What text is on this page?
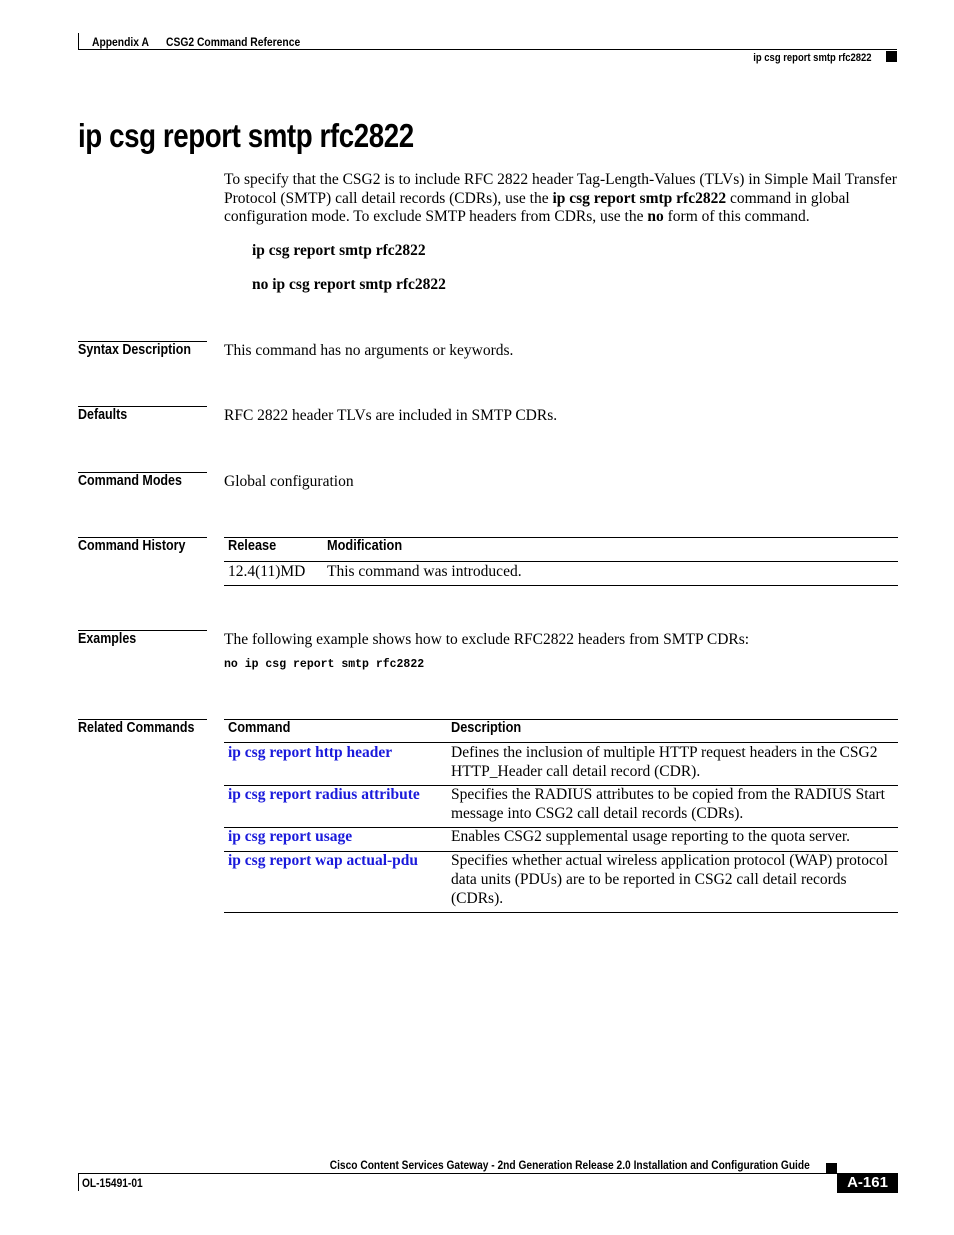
Appendix A CSG2 Command Reference
ip csg report smtp rfc2822
ip csg report smtp rfc2822
To specify that the CSG2 is to include RFC 2822 header Tag-Length-Values (TLVs) in Simple Mail Transfer Protocol (SMTP) call detail records (CDRs), use the ip csg report smtp rfc2822 command in global configuration mode. To exclude SMTP headers from CDRs, use the no form of this command.
ip csg report smtp rfc2822
no ip csg report smtp rfc2822
Syntax Description This command has no arguments or keywords.
Defaults	RFC 2822 header TLVs are included in SMTP CDRs.
Command Modes	Global configuration
Command History	Release	Modification
12.4(11)MD This command was introduced.
Examples	The following example shows how to exclude RFC2822 headers from SMTP CDRs:
no ip csg report smtp rfc2822
Related Commands Command	Description
ip csg report http header	Defines the inclusion of multiple HTTP request headers in the CSG2 HTTP_Header call detail record (CDR).
ip csg report radius attribute Specifies the RADIUS attributes to be copied from the RADIUS Start message into CSG2 call detail records (CDRs).
ip csg report usage	Enables CSG2 supplemental usage reporting to the quota server.
ip csg report wap actual-pdu Specifies whether actual wireless application protocol (WAP) protocol data units (PDUs) are to be reported in CSG2 call detail records (CDRs).
Cisco Content Services Gateway - 2nd Generation Release 2.0 Installation and Configuration Guide
OL-15491-01	A-161
